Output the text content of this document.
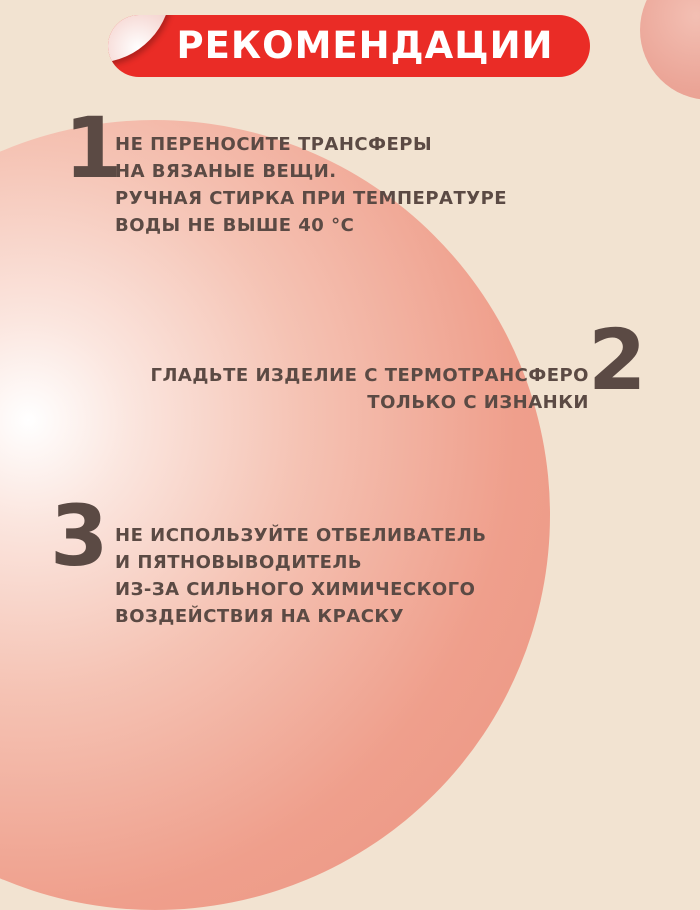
РЕКОМЕНДАЦИИ
1
НЕ ПЕРЕНОСИТЕ ТРАНСФЕРЫ
НА ВЯЗАНЫЕ ВЕЩИ.
РУЧНАЯ СТИРКА ПРИ ТЕМПЕРАТУРЕ
ВОДЫ НЕ ВЫШЕ 40 °С
2
ГЛАДЬТЕ ИЗДЕЛИЕ С ТЕРМОТРАНСФЕРО
ТОЛЬКО С ИЗНАНКИ
3 НЕ ИСПОЛЬЗУЙТЕ ОТБЕЛИВАТЕЛЬ
И ПЯТНОВЫВОДИТЕЛЬ
ИЗ-ЗА СИЛЬНОГО ХИМИЧЕСКОГО
ВОЗДЕЙСТВИЯ НА КРАСКУ
